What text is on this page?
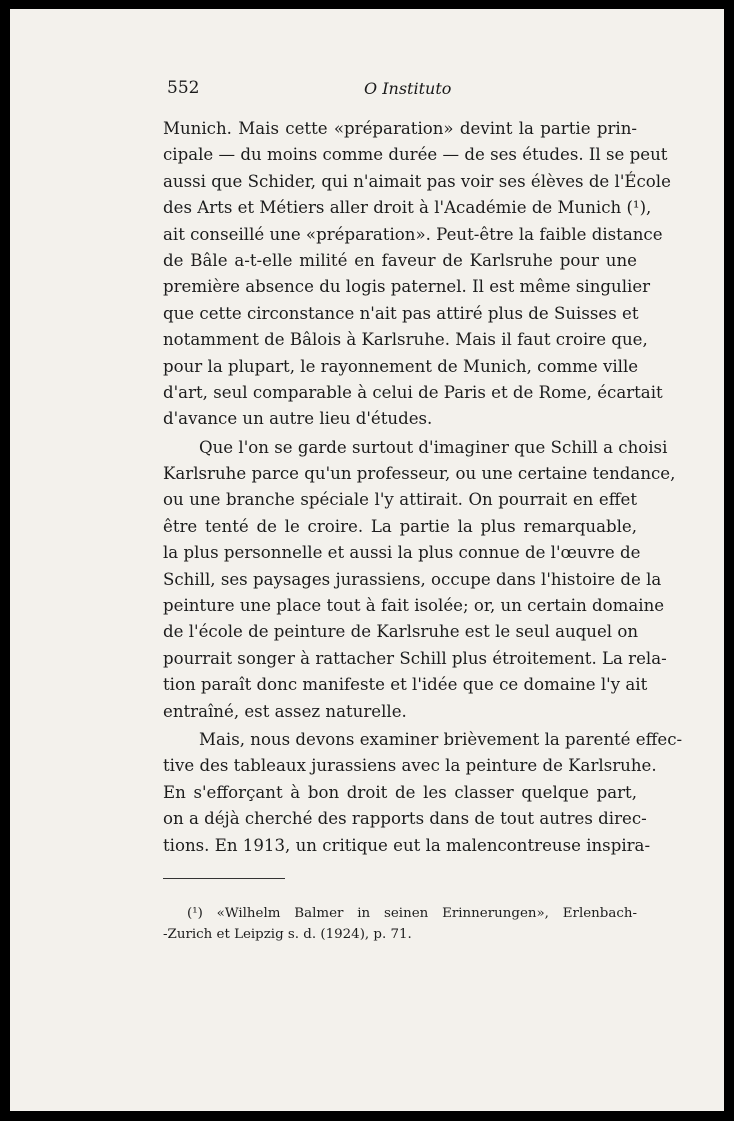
552	O Instituto
Munich. Mais cette «préparation» devint la partie prin-
cipale — du moins comme durée — de ses études. Il se peut
aussi que Schider, qui n'aimait pas voir ses élèves de l'École
des Arts et Métiers aller droit à l'Académie de Munich (¹),
ait conseillé une «préparation». Peut-être la faible distance
de Bâle a-t-elle milité en faveur de Karlsruhe pour une
première absence du logis paternel. Il est même singulier
que cette circonstance n'ait pas attiré plus de Suisses et
notamment de Bâlois à Karlsruhe. Mais il faut croire que,
pour la plupart, le rayonnement de Munich, comme ville
d'art, seul comparable à celui de Paris et de Rome, écartait
d'avance un autre lieu d'études.
Que l'on se garde surtout d'imaginer que Schill a choisi
Karlsruhe parce qu'un professeur, ou une certaine tendance,
ou une branche spéciale l'y attirait. On pourrait en effet
être tenté de le croire. La partie la plus remarquable,
la plus personnelle et aussi la plus connue de l'œuvre de
Schill, ses paysages jurassiens, occupe dans l'histoire de la
peinture une place tout à fait isolée; or, un certain domaine
de l'école de peinture de Karlsruhe est le seul auquel on
pourrait songer à rattacher Schill plus étroitement. La rela-
tion paraît donc manifeste et l'idée que ce domaine l'y ait
entraîné, est assez naturelle.
Mais, nous devons examiner brièvement la parenté effec-
tive des tableaux jurassiens avec la peinture de Karlsruhe.
En s'efforçant à bon droit de les classer quelque part,
on a déjà cherché des rapports dans de tout autres direc-
tions. En 1913, un critique eut la malencontreuse inspira-
(¹) «Wilhelm Balmer in seinen Erinnerungen», Erlenbach-
-Zurich et Leipzig s. d. (1924), p. 71.
